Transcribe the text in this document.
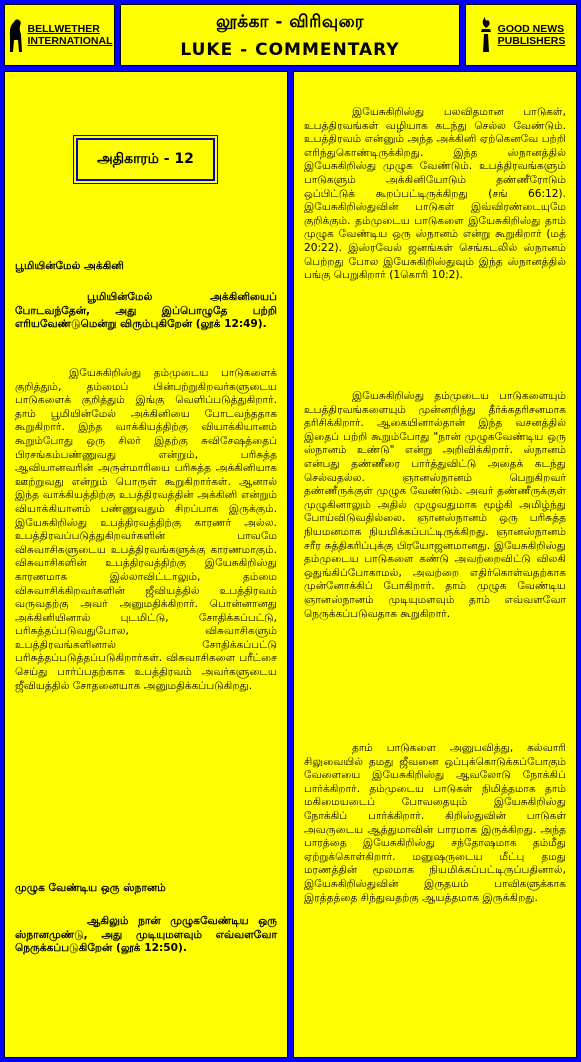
BELLWETHER
INTERNATIONAL
லூக்கா - விரிவுரை
LUKE - COMMENTARY
GOOD NEWS
PUBLISHERS
அதிகாரம் - 12

பூமியின்மேல் அக்கினி

பூமியின்மேல் அக்கினியைப் போடவந்தேன், அது இப்பொழுதே பற்றி எரியவேண்டுமென்று விரும்புகிறேன் (லூக் 12:49).

இயேசுகிறிஸ்து தம்முடைய பாடுகளைக் குறித்தும், தம்மைப் பின்பற்றுகிறவர்களுடைய பாடுகளைக் குறித்தும் இங்கு வெளிப்படுத்துகிறார். தாம் பூமியின்மேல் அக்கினியை போடவந்ததாக கூறுகிறார். இந்த வாக்கியத்திற்கு வியாக்கியானம் கூறும்போது ஒரு சிலர் இதற்கு சுவிசேஷத்தைப் பிரசங்கம்பண்ணுவது என்றும், பரிசுத்த ஆவியானவரின் அருள்மாரியை பரிசுத்த அக்கினியாக ஊற்றுவது என்றும் பொருள் கூறுகிறார்கள். ஆனால் இந்த வாக்கியத்திற்கு உபத்திரவத்தின் அக்கினி என்றும் வியாக்கியானம் பண்ணுவதும் சிறப்பாக இருக்கும். இயேசுகிறிஸ்து உபத்திரவத்திற்கு காரணர் அல்ல. உபத்திரவப்படுத்துகிறவர்களின் பாவமே விசுவாசிகளுடைய உபத்திரவங்களுக்கு காரணமாகும். விசுவாசிகளின் உபத்திரவத்திற்கு இயேசுகிறிஸ்து காரணமாக இல்லாவிட்டாலும், தம்மை விசுவாசிக்கிறவர்களின் ஜீவியத்தில் உபத்திரவம் வருவதற்கு அவர் அனுமதிக்கிறார். பொன்னானது அக்கினியினால் புடமிட்டு, சோதிக்கப்பட்டு, பரிசுத்தப்படுவதுபோல, விசுவாசிகளும் உபத்திரவங்களினால் சோதிக்கப்பட்டு பரிசுத்தப்படுத்தப்படுகிறார்கள். விசுவாசிகளை பரீட்சை செய்து பார்ப்பதற்காக உபத்திரவம் அவர்களுடைய ஜீவியத்தில் சோதனையாக அனுமதிக்கப்படுகிறது.

முழுக வேண்டிய ஒரு ஸ்நானம்

ஆகிலும் நான் முழுகவேண்டிய ஒரு ஸ்நானமுண்டு, அது முடியுமளவும் எவ்வளவோ நெருக்கப்படுகிறேன் (லூக் 12:50).

இயேசுகிறிஸ்து பலவிதமான பாடுகள், உபத்திரவங்கள் வழியாக கடந்து செல்ல வேண்டும். உபத்திரவம் என்னும் அந்த அக்கினி ஏற்கெனவே பற்றி எரிந்துகொண்டிருக்கிறது. இந்த ஸ்நானத்தில் இயேசுகிறிஸ்து முழுக வேண்டும். உபத்திரவங்களும் பாடுகளும் அக்கினியோடும் தண்ணீரோடும் ஒப்பிட்டுக் கூறப்பட்டிருக்கிறது (சங் 66:12). இயேசுகிறிஸ்துவின் பாடுகள் இவ்விரண்டையுமே குறிக்கும். தம்முடைய பாடுகளை இயேசுகிறிஸ்து தாம் முழுக வேண்டிய ஒரு ஸ்நானம் என்று கூறுகிறார் (மத் 20:22). இஸ்ரவேல் ஜனங்கள் செங்கடலில் ஸ்நானம் பெற்றது போல இயேசுகிறிஸ்துவும் இந்த ஸ்நானத்தில் பங்கு பெறுகிறார் (1கொரி 10:2).

இயேசுகிறிஸ்து தம்முடைய பாடுகளையும் உபத்திரவங்களையும் முன்னறிந்து தீர்க்கதரிசனமாக தரிசிக்கிறார். ஆகையினால்தான் இந்த வசனத்தில் இதைப் பற்றி கூறும்போது "நான் முழுகவேண்டிய ஒரு ஸ்நானம் உண்டு" என்று அறிவிக்கிறார். ஸ்நானம் என்பது தண்ணீரை பார்த்துவிட்டு அதைக் கடந்து செல்வதல்ல. ஞானஸ்நானம் பெறுகிறவர் தண்ணீருக்குள் முழுக வேண்டும். அவர் தண்ணீருக்குள் முழுகினாலும் அதில் முழுவதுமாக மூழ்கி அமிழ்ந்து போய்விடுவதில்லை. ஞானஸ்நானம் ஒரு பரிசுத்த நியமனமாக நியமிக்கப்பட்டிருக்கிறது. ஞானஸ்நானம் சரீர சுத்திகரிப்புக்கு பிரயோஜனமானது. இயேசுகிறிஸ்து தம்முடைய பாடுகளை கண்டு அவற்றைவிட்டு விலகி ஒதுங்கிப்போகாமல், அவற்றை எதிர்கொள்வதற்காக முன்னோக்கிப் போகிறார். தாம் முழுக வேண்டிய ஞானஸ்நானம் முடியுமளவும் தாம் எவ்வளவோ நெருக்கப்படுவதாக கூறுகிறார்.

தாம் பாடுகளை அனுபவித்து, கல்வாரி சிலுவையில் தமது ஜீவனை ஒப்புக்கொடுக்கப்போகும் வேளையை இயேசுகிறிஸ்து ஆவலோடு நோக்கிப் பார்க்கிறார். தம்முடைய பாடுகள் நிமித்தமாக தாம் மகிமையடைப் போவதையும் இயேசுகிறிஸ்து நோக்கிப் பார்க்கிறார். கிறிஸ்துவின் பாடுகள் அவருடைய ஆத்துமாவின் பாரமாக இருக்கிறது. அந்த பாரத்தை இயேசுகிறிஸ்து சந்தோஷமாக தம்மீது ஏற்றுக்கொள்கிறார். மனுஷருடைய மீட்பு தமது மரணத்தின் மூலமாக நியமிக்கப்பட்டிருப்பதினால், இயேசுகிறிஸ்துவின் இருதயம் பாவிகளுக்காக இரத்தத்தை சிந்துவதற்கு ஆயத்தமாக இருக்கிறது.
